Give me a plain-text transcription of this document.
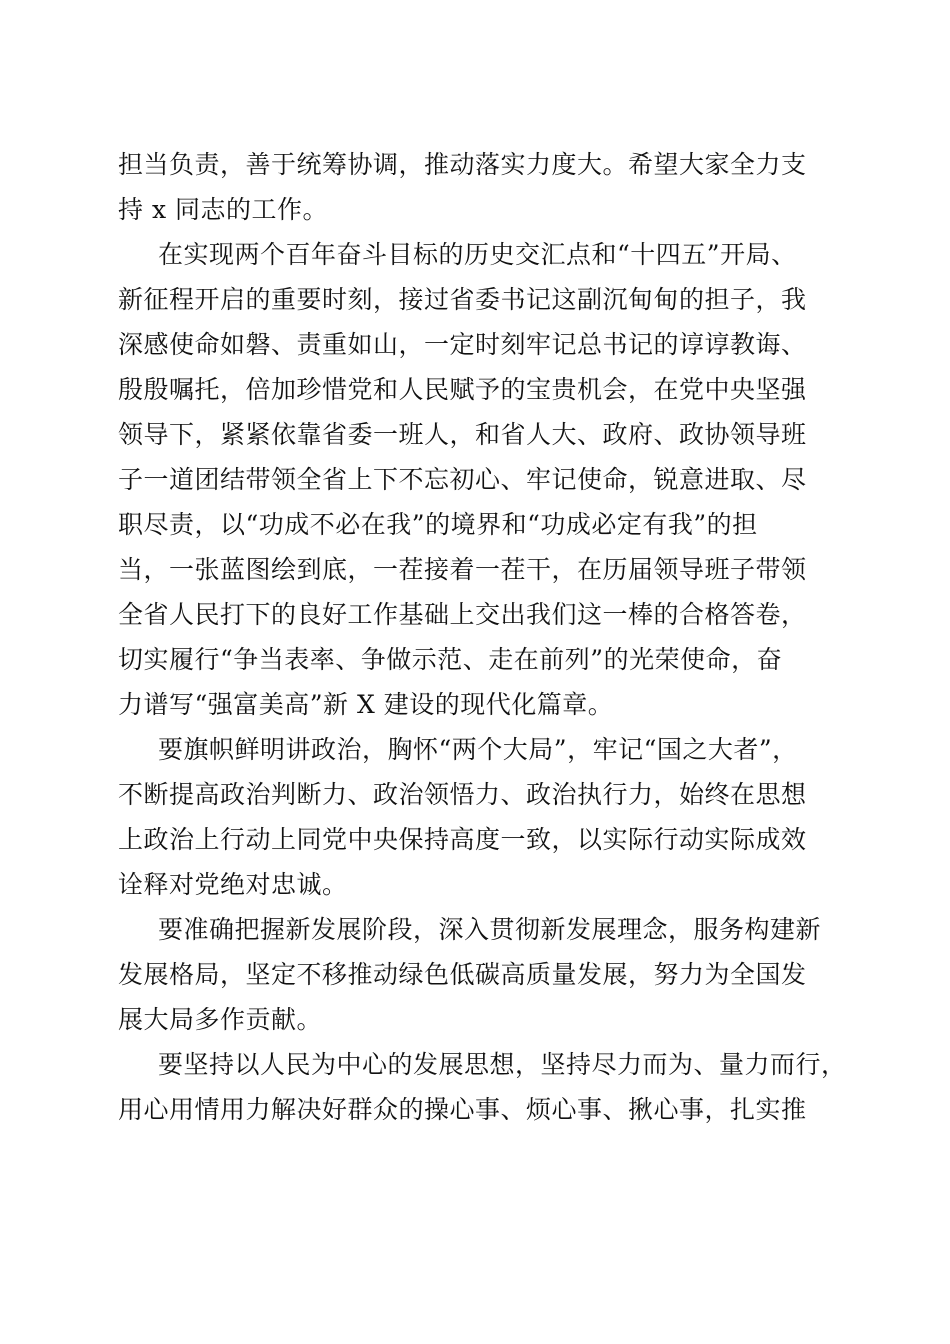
担当负责，善于统筹协调，推动落实力度大。希望大家全力支
持 x 同志的工作。
在实现两个百年奋斗目标的历史交汇点和“十四五”开局、
新征程开启的重要时刻，接过省委书记这副沉甸甸的担子，我
深感使命如磐、责重如山，一定时刻牢记总书记的谆谆教诲、
殷殷嘱托，倍加珍惜党和人民赋予的宝贵机会，在党中央坚强
领导下，紧紧依靠省委一班人，和省人大、政府、政协领导班
子一道团结带领全省上下不忘初心、牢记使命，锐意进取、尽
职尽责，以“功成不必在我”的境界和“功成必定有我”的担
当，一张蓝图绘到底，一茬接着一茬干，在历届领导班子带领
全省人民打下的良好工作基础上交出我们这一棒的合格答卷，
切实履行“争当表率、争做示范、走在前列”的光荣使命，奋
力谱写“强富美高”新 X 建设的现代化篇章。
要旗帜鲜明讲政治，胸怀“两个大局”，牢记“国之大者”，
不断提高政治判断力、政治领悟力、政治执行力，始终在思想
上政治上行动上同党中央保持高度一致，以实际行动实际成效
诠释对党绝对忠诚。
要准确把握新发展阶段，深入贯彻新发展理念，服务构建新
发展格局，坚定不移推动绿色低碳高质量发展，努力为全国发
展大局多作贡献。
要坚持以人民为中心的发展思想，坚持尽力而为、量力而行，
用心用情用力解决好群众的操心事、烦心事、揪心事，扎实推
